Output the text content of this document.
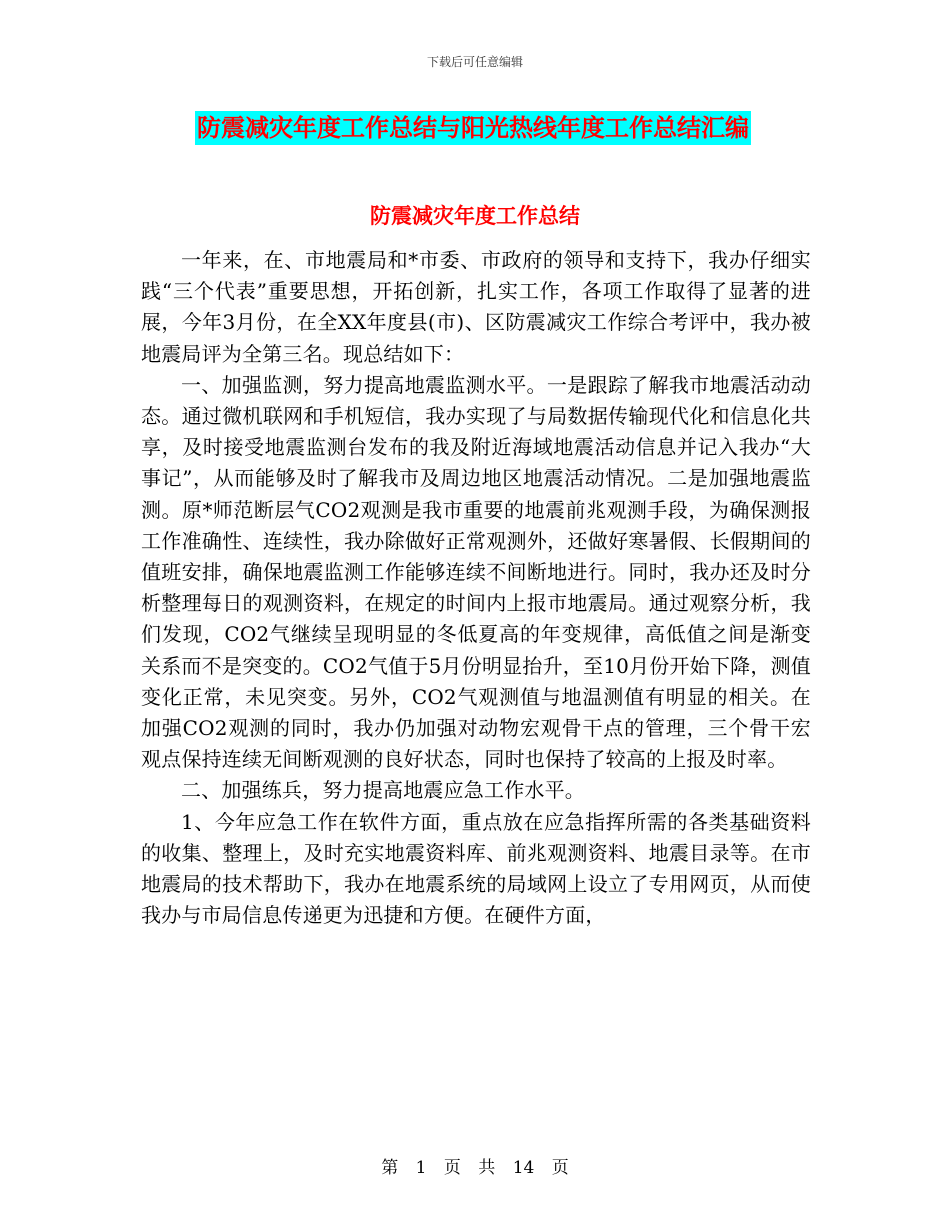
下载后可任意编辑
防震减灾年度工作总结与阳光热线年度工作总结汇编
防震减灾年度工作总结

一年来，在、市地震局和*市委、市政府的领导和支持下，我办仔细实践“三个代表”重要思想，开拓创新，扎实工作，各项工作取得了显著的进展，今年3月份，在全XX年度县(市)、区防震减灾工作综合考评中，我办被地震局评为全第三名。现总结如下：

一、加强监测，努力提高地震监测水平。一是跟踪了解我市地震活动动态。通过微机联网和手机短信，我办实现了与局数据传输现代化和信息化共享，及时接受地震监测台发布的我及附近海域地震活动信息并记入我办“大事记”，从而能够及时了解我市及周边地区地震活动情况。二是加强地震监测。原*师范断层气CO2观测是我市重要的地震前兆观测手段，为确保测报工作准确性、连续性，我办除做好正常观测外，还做好寒暑假、长假期间的值班安排，确保地震监测工作能够连续不间断地进行。同时，我办还及时分析整理每日的观测资料，在规定的时间内上报市地震局。通过观察分析，我们发现，CO2气继续呈现明显的冬低夏高的年变规律，高低值之间是渐变关系而不是突变的。CO2气值于5月份明显抬升，至10月份开始下降，测值变化正常，未见突变。另外，CO2气观测值与地温测值有明显的相关。在加强CO2观测的同时，我办仍加强对动物宏观骨干点的管理，三个骨干宏观点保持连续无间断观测的良好状态，同时也保持了较高的上报及时率。

二、加强练兵，努力提高地震应急工作水平。

1、今年应急工作在软件方面，重点放在应急指挥所需的各类基础资料的收集、整理上，及时充实地震资料库、前兆观测资料、地震目录等。在市地震局的技术帮助下，我办在地震系统的局域网上设立了专用网页，从而使我办与市局信息传递更为迅捷和方便。在硬件方面，

第 1 页 共 14 页
